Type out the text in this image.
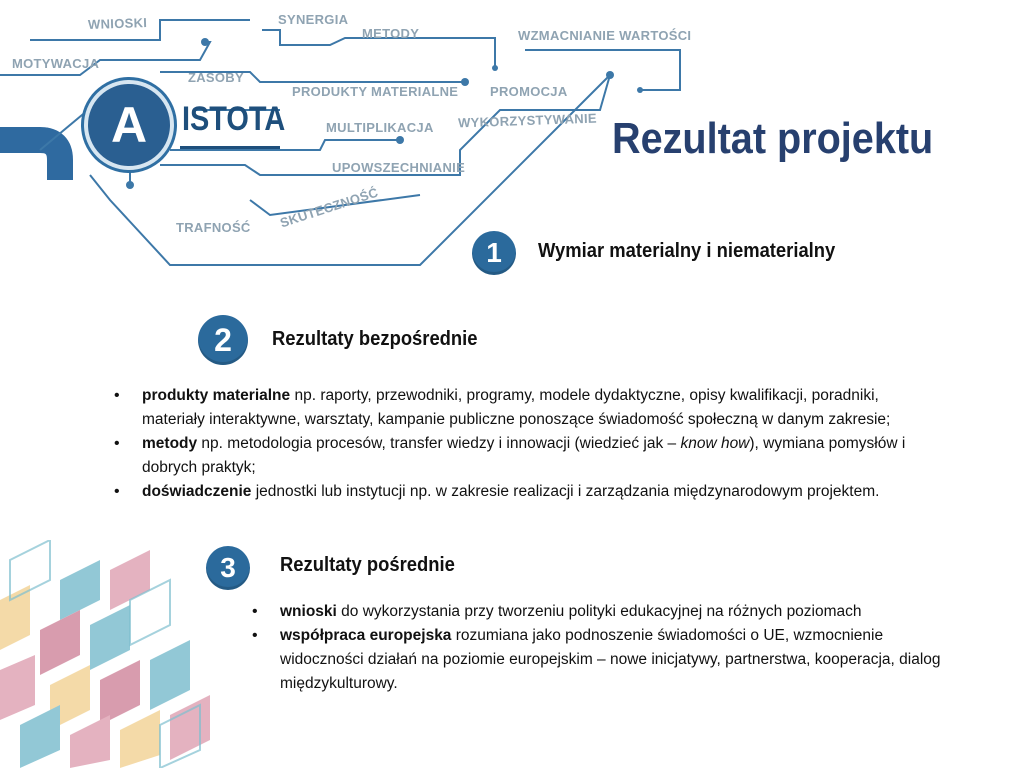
WNIOSKI	SYNERGIA
METODY	WZMACNIANIE WARTOŚCI
MOTYWACJA
ZASOBY
PRODUKTY MATERIALNE PROMOCJA
MULTIPLIKACJA WYKORZYSTYWANIE
UPOWSZECHNIANIE
SKUTECZNOŚĆ
TRAFNOŚĆ
A	ISTOTA	Rezultat projektu
1	Wymiar materialny i niematerialny
2	Rezultaty bezpośrednie
• produkty materialne np. raporty, przewodniki, programy, modele dydaktyczne, opisy kwalifikacji, poradniki, materiały interaktywne, warsztaty, kampanie publiczne ponoszące świadomość społeczną w danym zakresie;
• metody np. metodologia procesów, transfer wiedzy i innowacji (wiedzieć jak – know how), wymiana pomysłów i dobrych praktyk;
• doświadczenie jednostki lub instytucji np. w zakresie realizacji i zarządzania międzynarodowym projektem.
3	Rezultaty pośrednie
• wnioski do wykorzystania przy tworzeniu polityki edukacyjnej na różnych poziomach
• współpraca europejska rozumiana jako podnoszenie świadomości o UE, wzmocnienie widoczności działań na poziomie europejskim – nowe inicjatywy, partnerstwa, kooperacja, dialog międzykulturowy.
